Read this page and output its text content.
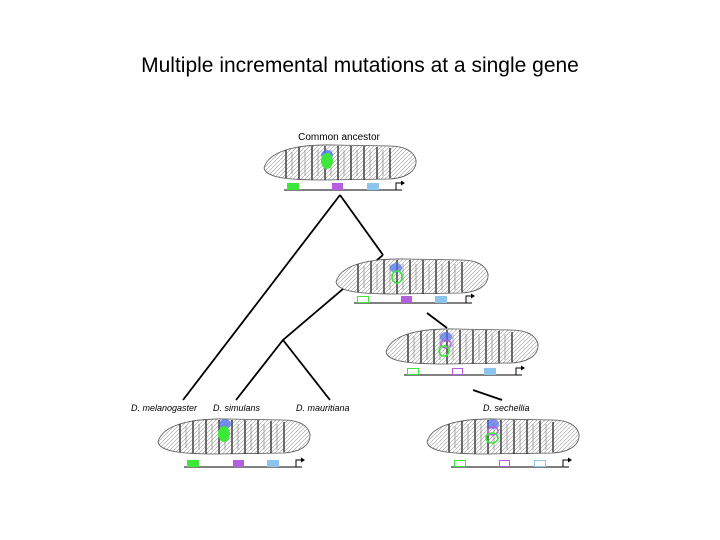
Multiple incremental mutations at a single gene
Common ancestor
D. melanogaster D. simulans	D. mauritiana	D. sechellia
